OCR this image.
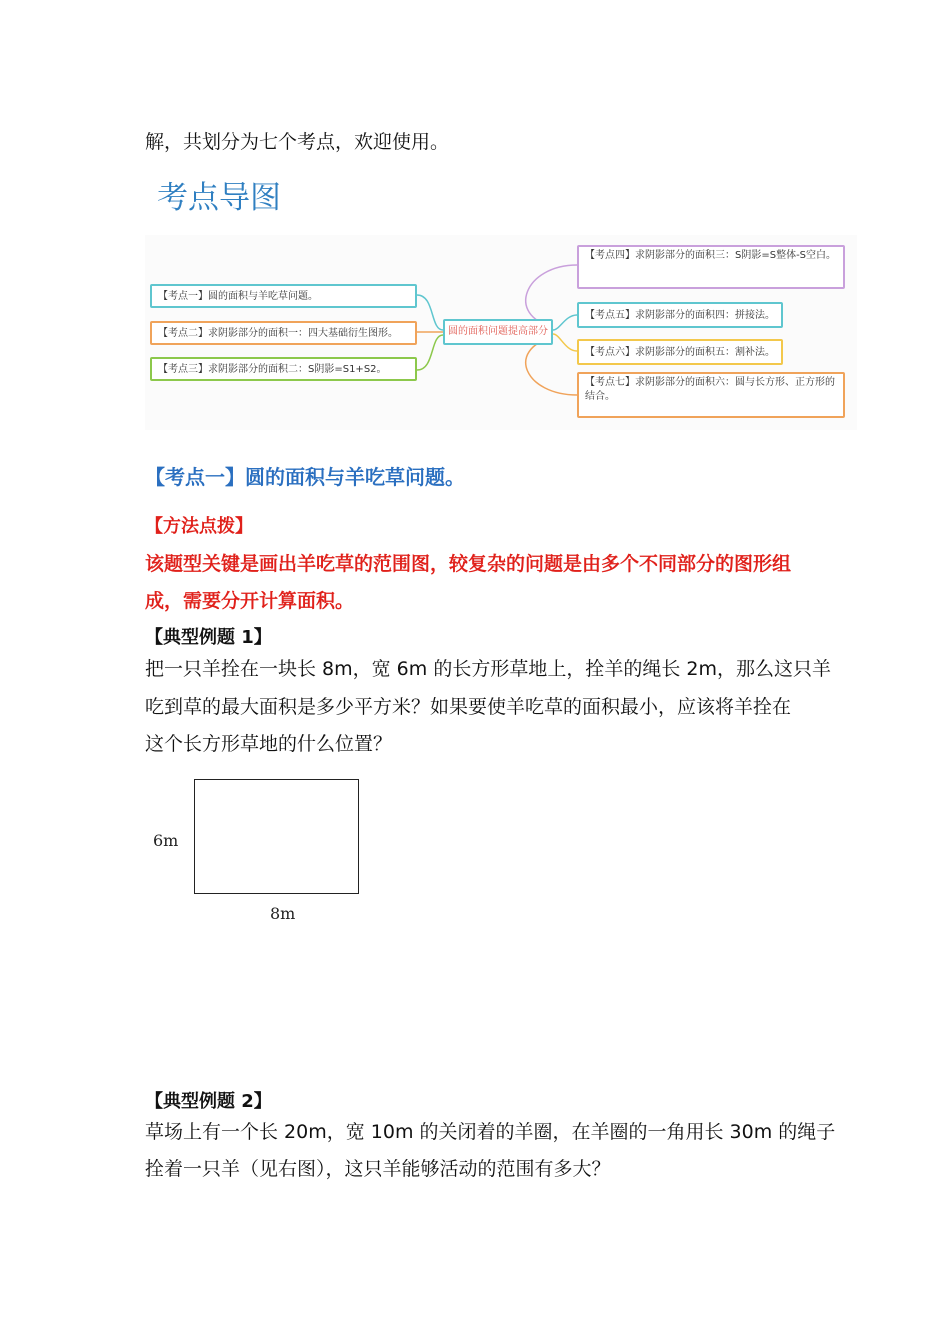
解，共划分为七个考点，欢迎使用。
考点导图
【考点一】圆的面积与羊吃草问题。
【考点二】求阴影部分的面积一：四大基础衍生图形。
【考点三】求阴影部分的面积二：S阴影=S1+S2。
圆的面积问题提高部分
【考点四】求阴影部分的面积三：S阴影=S整体-S空白。
【考点五】求阴影部分的面积四：拼接法。
【考点六】求阴影部分的面积五：割补法。
【考点七】求阴影部分的面积六：圆与长方形、正方形的结合。
【考点一】圆的面积与羊吃草问题。
【方法点拨】
该题型关键是画出羊吃草的范围图，较复杂的问题是由多个不同部分的图形组
成，需要分开计算面积。
【典型例题 1】
把一只羊拴在一块长 8m，宽 6m 的长方形草地上，拴羊的绳长 2m，那么这只羊
吃到草的最大面积是多少平方米？如果要使羊吃草的面积最小，应该将羊拴在
这个长方形草地的什么位置？
6m
8m
【典型例题 2】
草场上有一个长 20m，宽 10m 的关闭着的羊圈，在羊圈的一角用长 30m 的绳子
拴着一只羊（见右图），这只羊能够活动的范围有多大？
